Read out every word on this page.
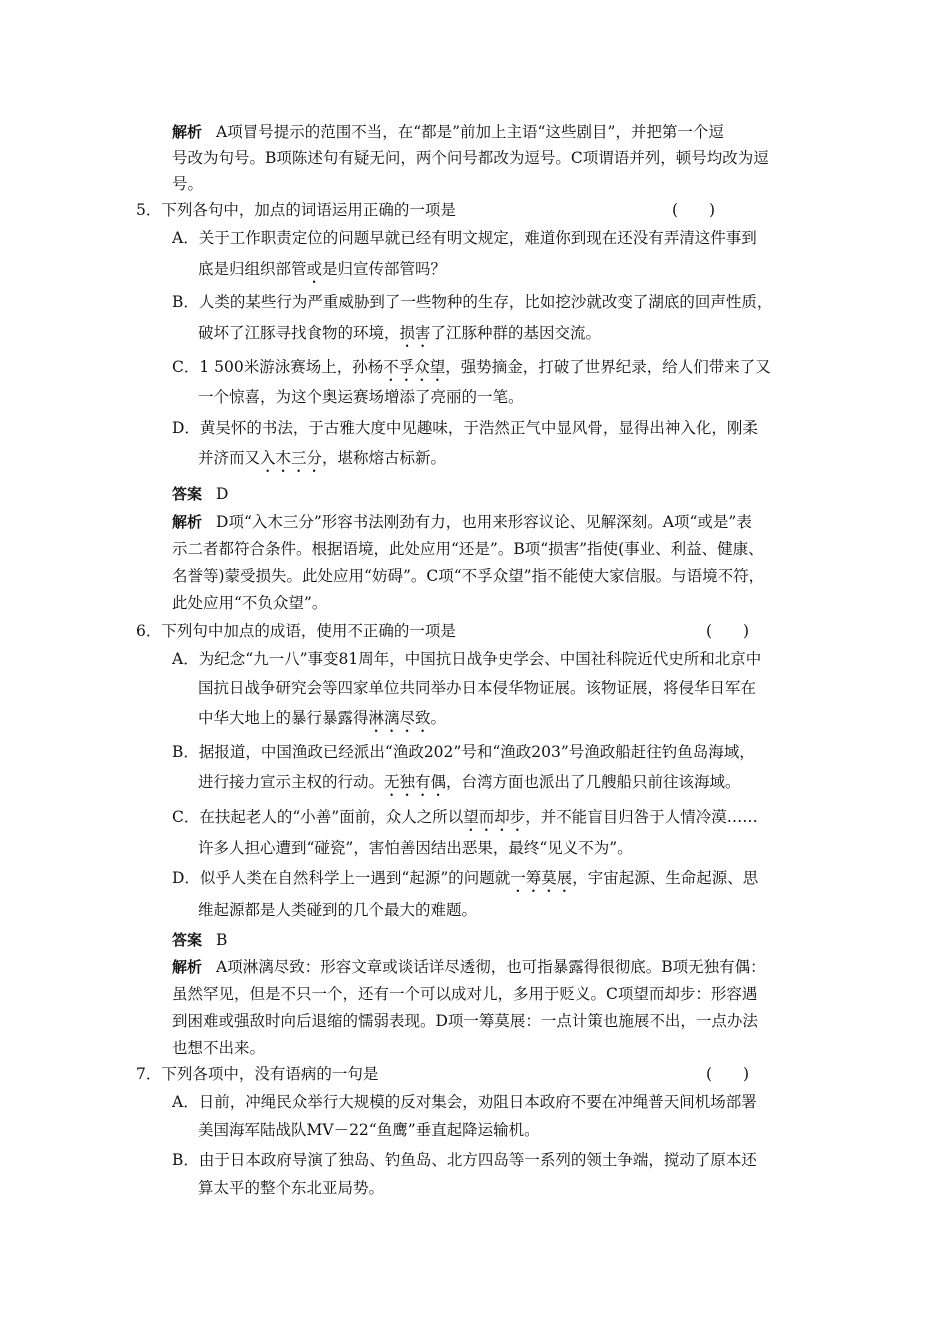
解析 A项冒号提示的范围不当，在“都是”前加上主语“这些剧目”，并把第一个逗
号改为句号。B项陈述句有疑无问，两个问号都改为逗号。C项谓语并列，顿号均改为逗
号。
5．下列各句中，加点的词语运用正确的一项是	(　　)
A．关于工作职责定位的问题早就已经有明文规定，难道你到现在还没有弄清这件事到
底是归组织部管或是归宣传部管吗？
B．人类的某些行为严重威胁到了一些物种的生存，比如挖沙就改变了湖底的回声性质，
破坏了江豚寻找食物的环境，损害了江豚种群的基因交流。
C．1 500米游泳赛场上，孙杨不孚众望，强势摘金，打破了世界纪录，给人们带来了又
一个惊喜，为这个奥运赛场增添了亮丽的一笔。
D．黄吴怀的书法，于古雅大度中见趣味，于浩然正气中显风骨，显得出神入化，刚柔
并济而又入木三分，堪称熔古标新。
答案 D
解析 D项“入木三分”形容书法刚劲有力，也用来形容议论、见解深刻。A项“或是”表
示二者都符合条件。根据语境，此处应用“还是”。B项“损害”指使(事业、利益、健康、
名誉等)蒙受损失。此处应用“妨碍”。C项“不孚众望”指不能使大家信服。与语境不符，
此处应用“不负众望”。
6．下列句中加点的成语，使用不正确的一项是	(　　)
A．为纪念“九一八”事变81周年，中国抗日战争史学会、中国社科院近代史所和北京中
国抗日战争研究会等四家单位共同举办日本侵华物证展。该物证展，将侵华日军在
中华大地上的暴行暴露得淋漓尽致。
B．据报道，中国渔政已经派出“渔政202”号和“渔政203”号渔政船赶往钓鱼岛海域，
进行接力宣示主权的行动。无独有偶，台湾方面也派出了几艘船只前往该海域。
C．在扶起老人的“小善”面前，众人之所以望而却步，并不能盲目归咎于人情冷漠……
许多人担心遭到“碰瓷”，害怕善因结出恶果，最终“见义不为”。
D．似乎人类在自然科学上一遇到“起源”的问题就一筹莫展，宇宙起源、生命起源、思
维起源都是人类碰到的几个最大的难题。
答案 B
解析 A项淋漓尽致：形容文章或谈话详尽透彻，也可指暴露得很彻底。B项无独有偶：
虽然罕见，但是不只一个，还有一个可以成对儿，多用于贬义。C项望而却步：形容遇
到困难或强敌时向后退缩的懦弱表现。D项一筹莫展：一点计策也施展不出，一点办法
也想不出来。
7．下列各项中，没有语病的一句是	(　　)
A．日前，冲绳民众举行大规模的反对集会，劝阻日本政府不要在冲绳普天间机场部署
美国海军陆战队MV－22“鱼鹰”垂直起降运输机。
B．由于日本政府导演了独岛、钓鱼岛、北方四岛等一系列的领土争端，搅动了原本还
算太平的整个东北亚局势。
